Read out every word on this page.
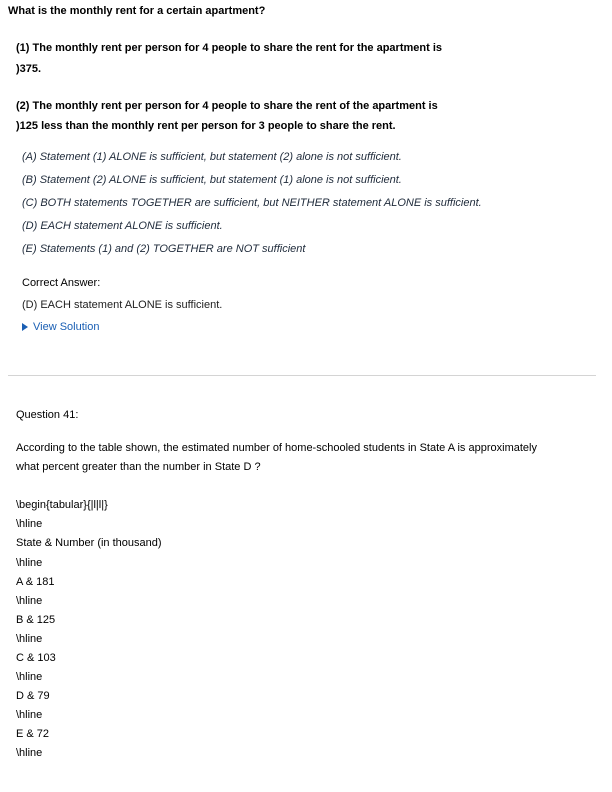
What is the monthly rent for a certain apartment?
(1) The monthly rent per person for 4 people to share the rent for the apartment is
)375.
(2) The monthly rent per person for 4 people to share the rent of the apartment is
)125 less than the monthly rent per person for 3 people to share the rent.
(A) Statement (1) ALONE is sufficient, but statement (2) alone is not sufficient.
(B) Statement (2) ALONE is sufficient, but statement (1) alone is not sufficient.
(C) BOTH statements TOGETHER are sufficient, but NEITHER statement ALONE is sufficient.
(D) EACH statement ALONE is sufficient.
(E) Statements (1) and (2) TOGETHER are NOT sufficient
Correct Answer:
(D) EACH statement ALONE is sufficient.
View Solution
Question 41:
According to the table shown, the estimated number of home-schooled students in State A is approximately
what percent greater than the number in State D ?
\begin{tabular}{|l|l|}
\hline
State & Number (in thousand)
\hline
A & 181
\hline
B & 125
\hline
C & 103
\hline
D & 79
\hline
E & 72
\hline
